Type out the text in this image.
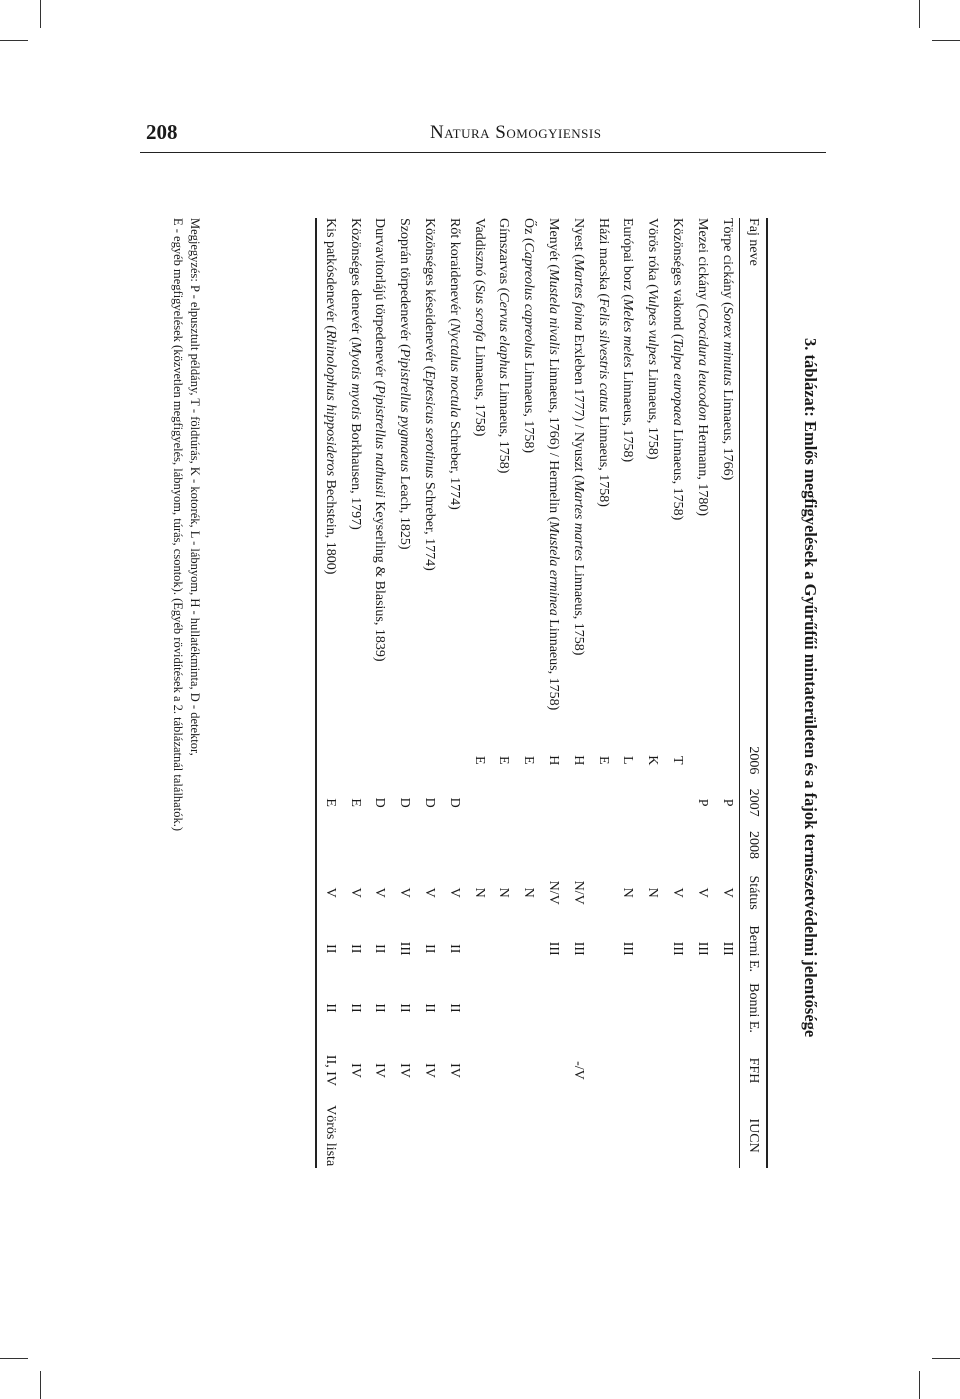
208	Natura Somogyiensis
3. táblázat: Emlős megfigyelések a Gyűrűfűi mintaterületen és a fajok természetvédelmi jelentősége
Faj neve	2006	2007	2008	Státus	Berni E.	Bonni E.	FFH	IUCN
Törpe cickány (Sorex minutus Linnaeus, 1766)		P		V	III			
Mezei cickány (Crocidura leucodon Hermann, 1780)		P		V	III			
Közönséges vakond (Talpa europaea Linnaeus, 1758)	T			V	III			
Vörös róka (Vulpes vulpes Linnaeus, 1758)	K			N				
Európai borz (Meles meles Linnaeus, 1758)	L			N	III			
Házi macska (Felis silvestris catus Linnaeus, 1758)	E							
Nyest (Martes foina Erxleben 1777) / Nyuszt (Martes martes Linnaeus, 1758)	H			N/V	III		-/V	
Menyét (Mustela nivalis Linnaeus, 1766) / Hermelin (Mustela erminea Linnaeus, 1758)	H			N/V	III			
Őz (Capreolus capreolus Linnaeus, 1758)	E			N				
Gímszarvas (Cervus elaphus Linnaeus, 1758)	E			N				
Vaddisznó (Sus scrofa Linnaeus, 1758)	E			N				
Rőt koraidenevér (Nyctalus noctula Schreber, 1774)		D		V	II	II	IV	
Közönséges késeidenevér (Eptesicus serotinus Schreber, 1774)		D		V	II	II	IV	
Szoprán törpedenevér (Pipistrellus pygmaeus Leach, 1825)		D		V	III	II	IV	
Durvavitorlájú törpedenevér (Pipistrellus nathusii Keyserling & Blasius, 1839)		D		V	II	II	IV	
Közönséges denevér (Myotis myotis Borkhausen, 1797)		E		V	II	II	IV	
Kis patkósdenevér (Rhinolophus hipposideros Bechstein, 1800)		E		V	II	II	II, IV	Vörös lista
Megjegyzés: P - elpusztult példány, T - földtúrás, K - kotorék, L - lábnyom, H - hullatékminta, D - detektor,
E - egyéb megfigyelések (közvetlen megfigyelés, lábnyom, túrás, csontok). (Egyéb rövidítések a 2. táblázatnál találhatók.)
